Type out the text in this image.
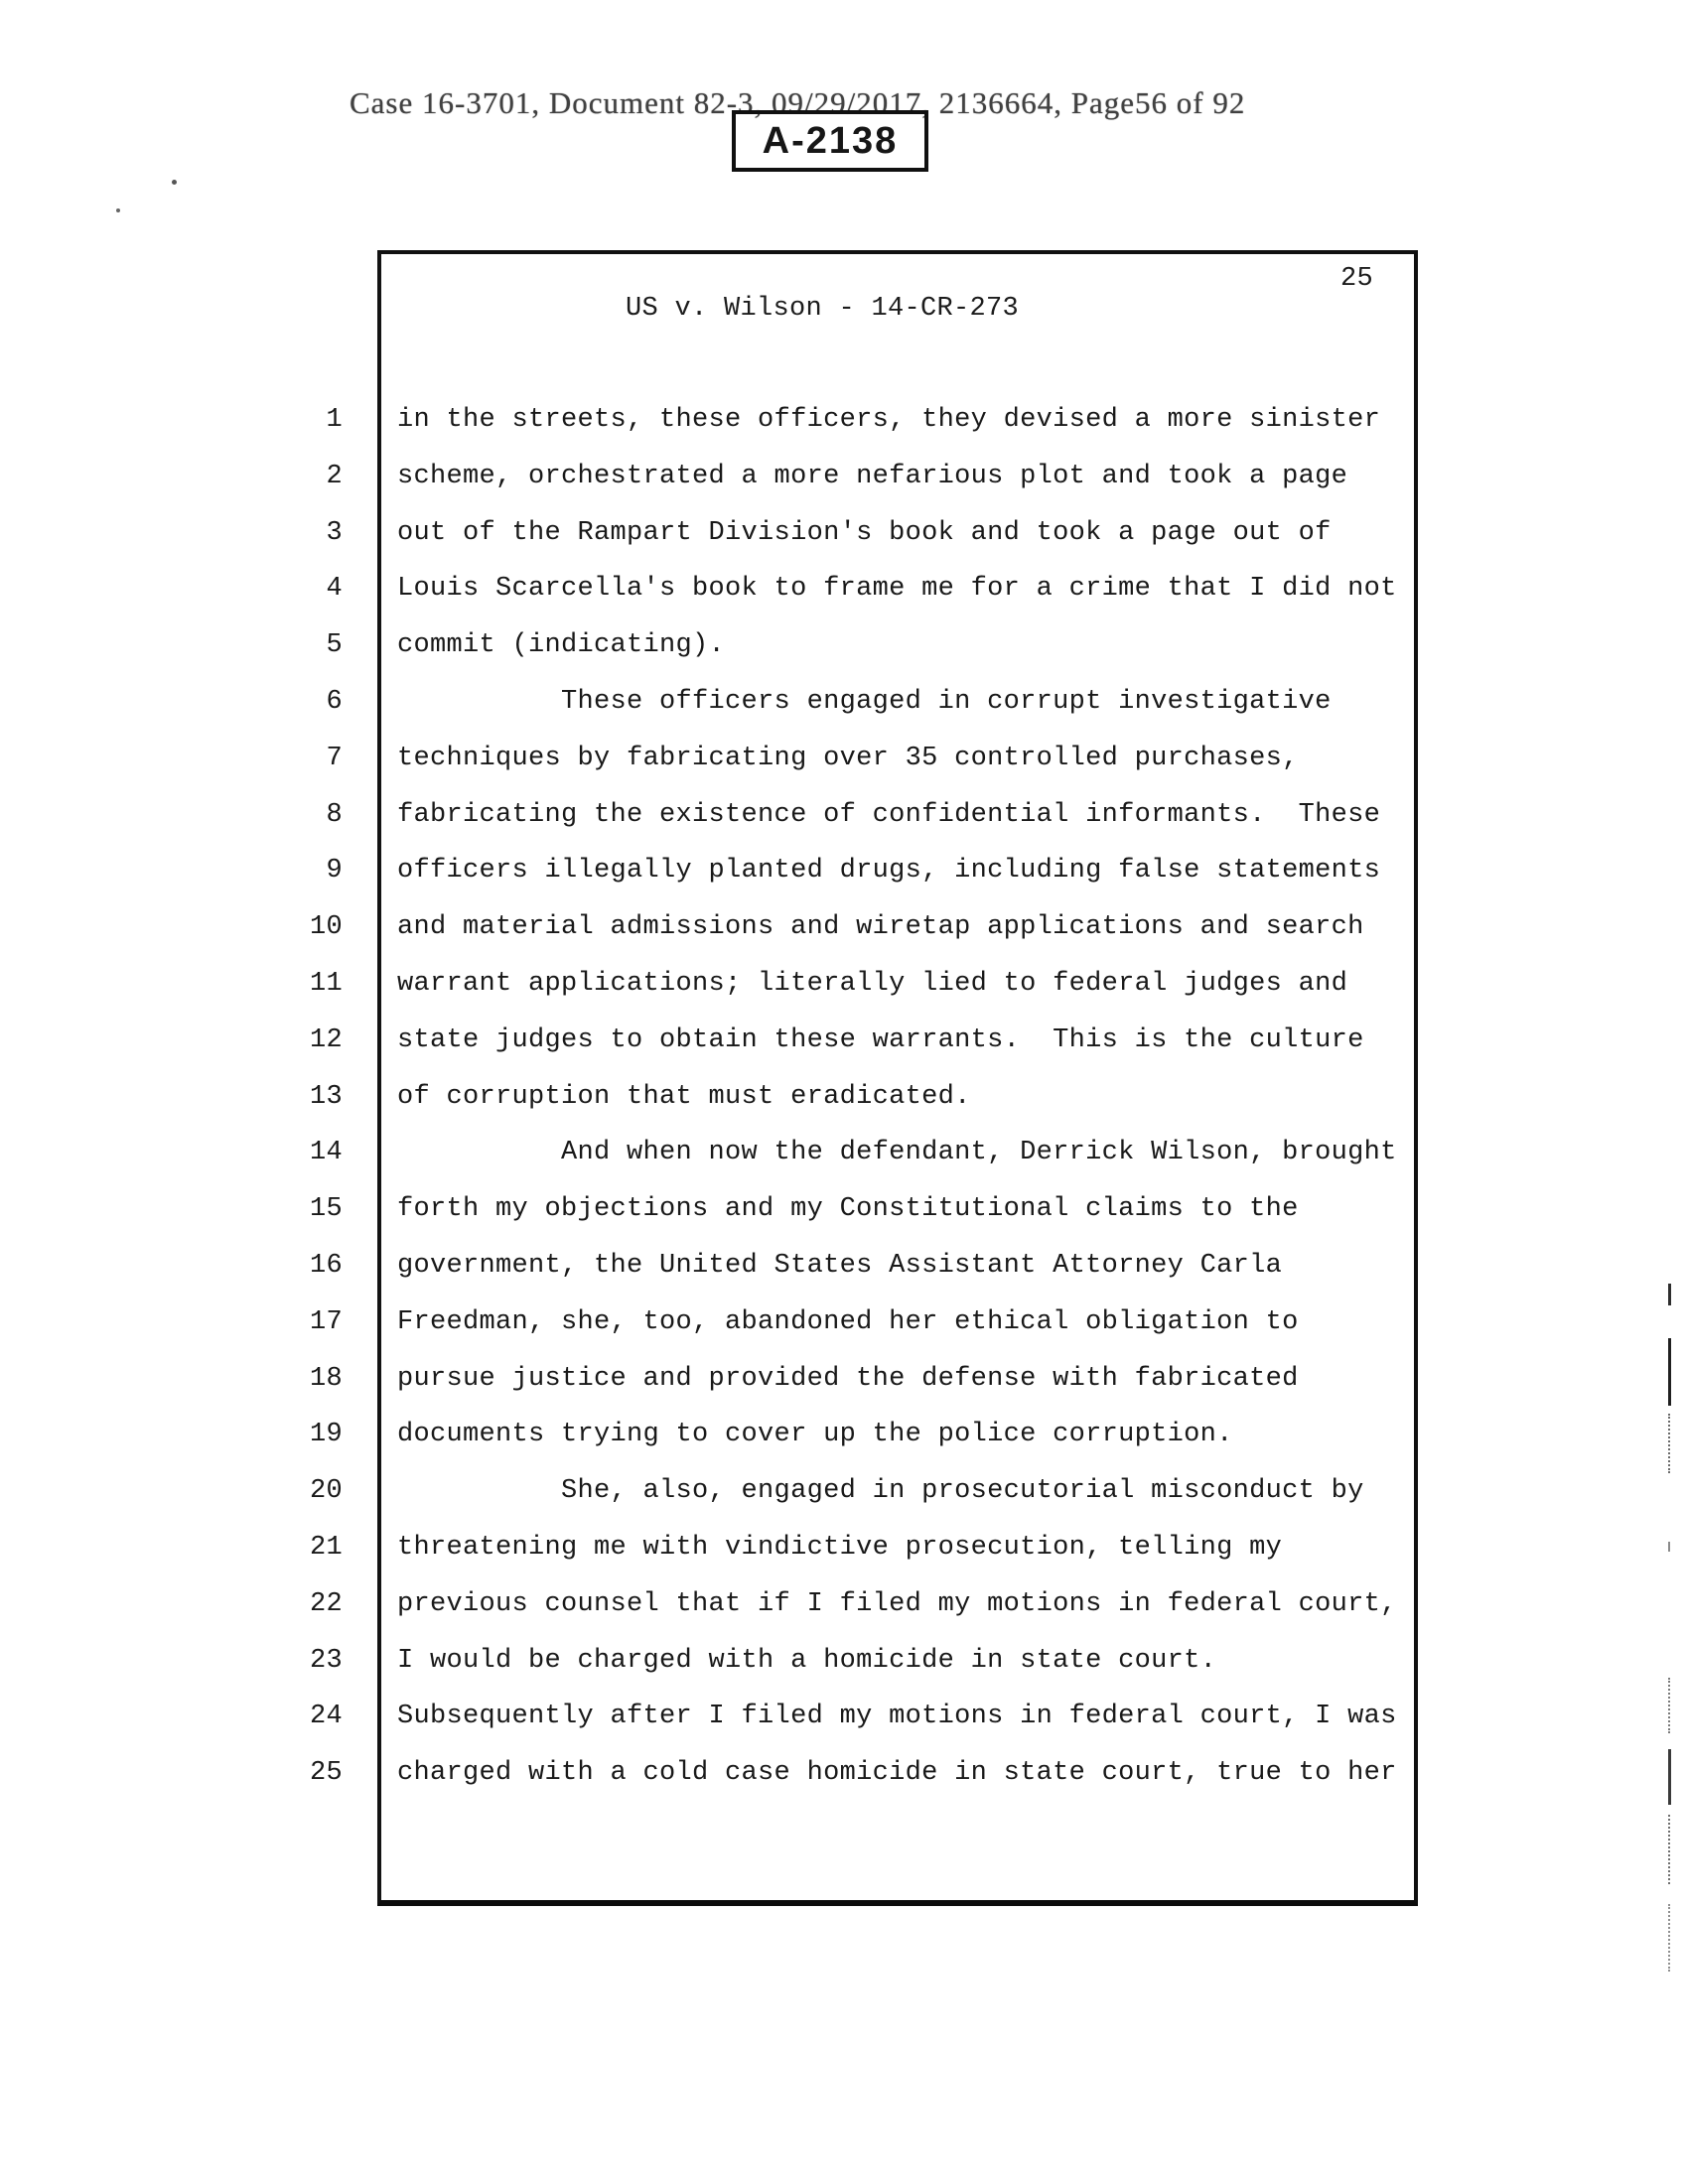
Case 16-3701, Document 82-3, 09/29/2017, 2136664, Page56 of 92
A-2138
25
US v. Wilson - 14-CR-273

1

in the streets, these officers, they devised a more sinister

2

scheme, orchestrated a more nefarious plot and took a page

3

out of the Rampart Division's book and took a page out of

4

Louis Scarcella's book to frame me for a crime that I did not

5

commit (indicating).

6

These officers engaged in corrupt investigative

7

techniques by fabricating over 35 controlled purchases,

8

fabricating the existence of confidential informants.  These

9

officers illegally planted drugs, including false statements

10

and material admissions and wiretap applications and search

11

warrant applications; literally lied to federal judges and

12

state judges to obtain these warrants.  This is the culture

13

of corruption that must eradicated.

14

And when now the defendant, Derrick Wilson, brought

15

forth my objections and my Constitutional claims to the

16

government, the United States Assistant Attorney Carla

17

Freedman, she, too, abandoned her ethical obligation to

18

pursue justice and provided the defense with fabricated

19

documents trying to cover up the police corruption.

20

She, also, engaged in prosecutorial misconduct by

21

threatening me with vindictive prosecution, telling my

22

previous counsel that if I filed my motions in federal court,

23

I would be charged with a homicide in state court.

24

Subsequently after I filed my motions in federal court, I was

25

charged with a cold case homicide in state court, true to her
